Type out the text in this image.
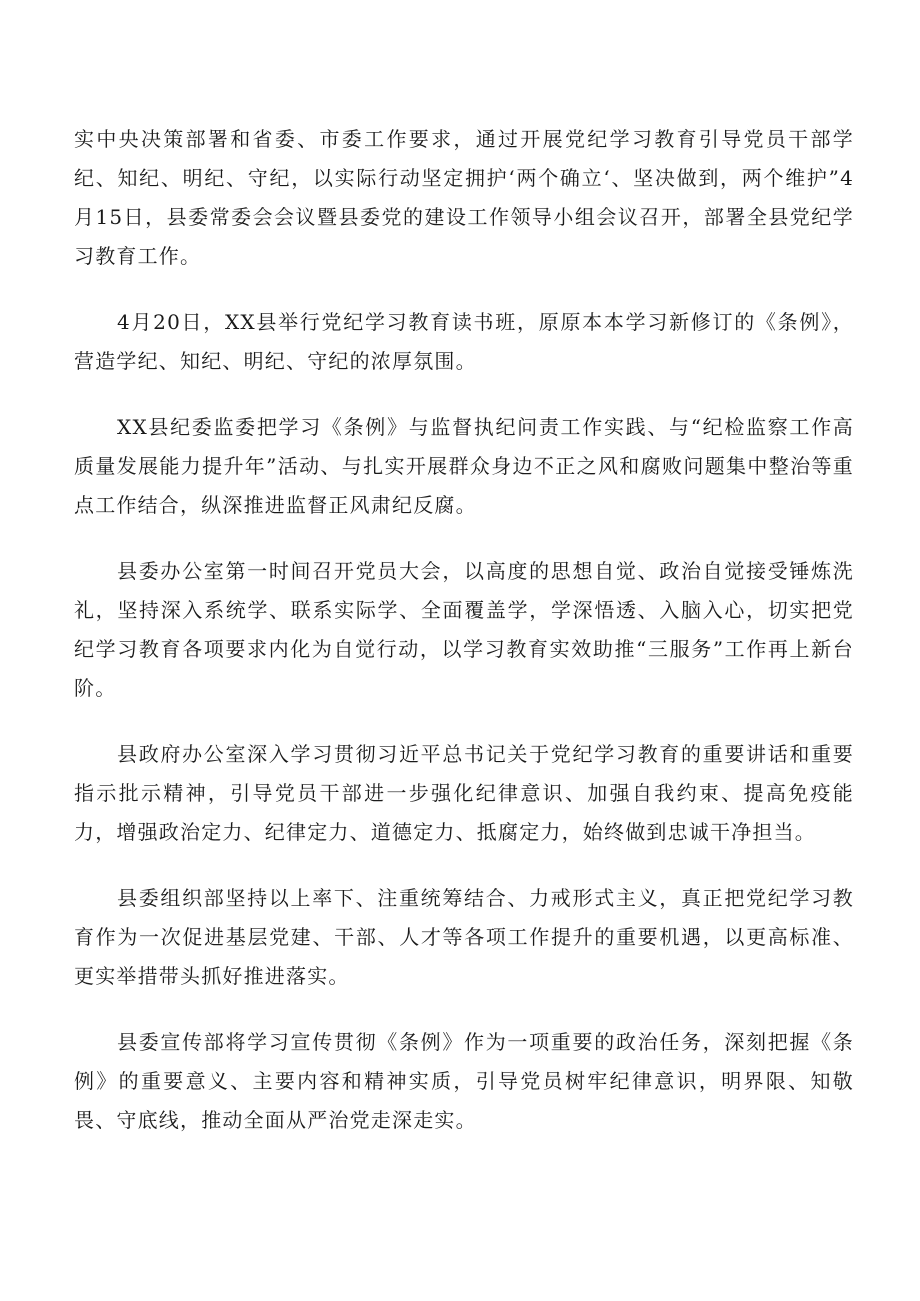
实中央决策部署和省委、市委工作要求，通过开展党纪学习教育引导党员干部学纪、知纪、明纪、守纪，以实际行动坚定拥护‘两个确立‘、坚决做到，两个维护”4月15日，县委常委会会议暨县委党的建设工作领导小组会议召开，部署全县党纪学习教育工作。

4月20日，XX县举行党纪学习教育读书班，原原本本学习新修订的《条例》，营造学纪、知纪、明纪、守纪的浓厚氛围。

XX县纪委监委把学习《条例》与监督执纪问责工作实践、与“纪检监察工作高质量发展能力提升年”活动、与扎实开展群众身边不正之风和腐败问题集中整治等重点工作结合，纵深推进监督正风肃纪反腐。

县委办公室第一时间召开党员大会，以高度的思想自觉、政治自觉接受锤炼洗礼，坚持深入系统学、联系实际学、全面覆盖学，学深悟透、入脑入心，切实把党纪学习教育各项要求内化为自觉行动，以学习教育实效助推“三服务”工作再上新台阶。

县政府办公室深入学习贯彻习近平总书记关于党纪学习教育的重要讲话和重要指示批示精神，引导党员干部进一步强化纪律意识、加强自我约束、提高免疫能力，增强政治定力、纪律定力、道德定力、抵腐定力，始终做到忠诚干净担当。

县委组织部坚持以上率下、注重统筹结合、力戒形式主义，真正把党纪学习教育作为一次促进基层党建、干部、人才等各项工作提升的重要机遇，以更高标准、更实举措带头抓好推进落实。

县委宣传部将学习宣传贯彻《条例》作为一项重要的政治任务，深刻把握《条例》的重要意义、主要内容和精神实质，引导党员树牢纪律意识，明界限、知敬畏、守底线，推动全面从严治党走深走实。
